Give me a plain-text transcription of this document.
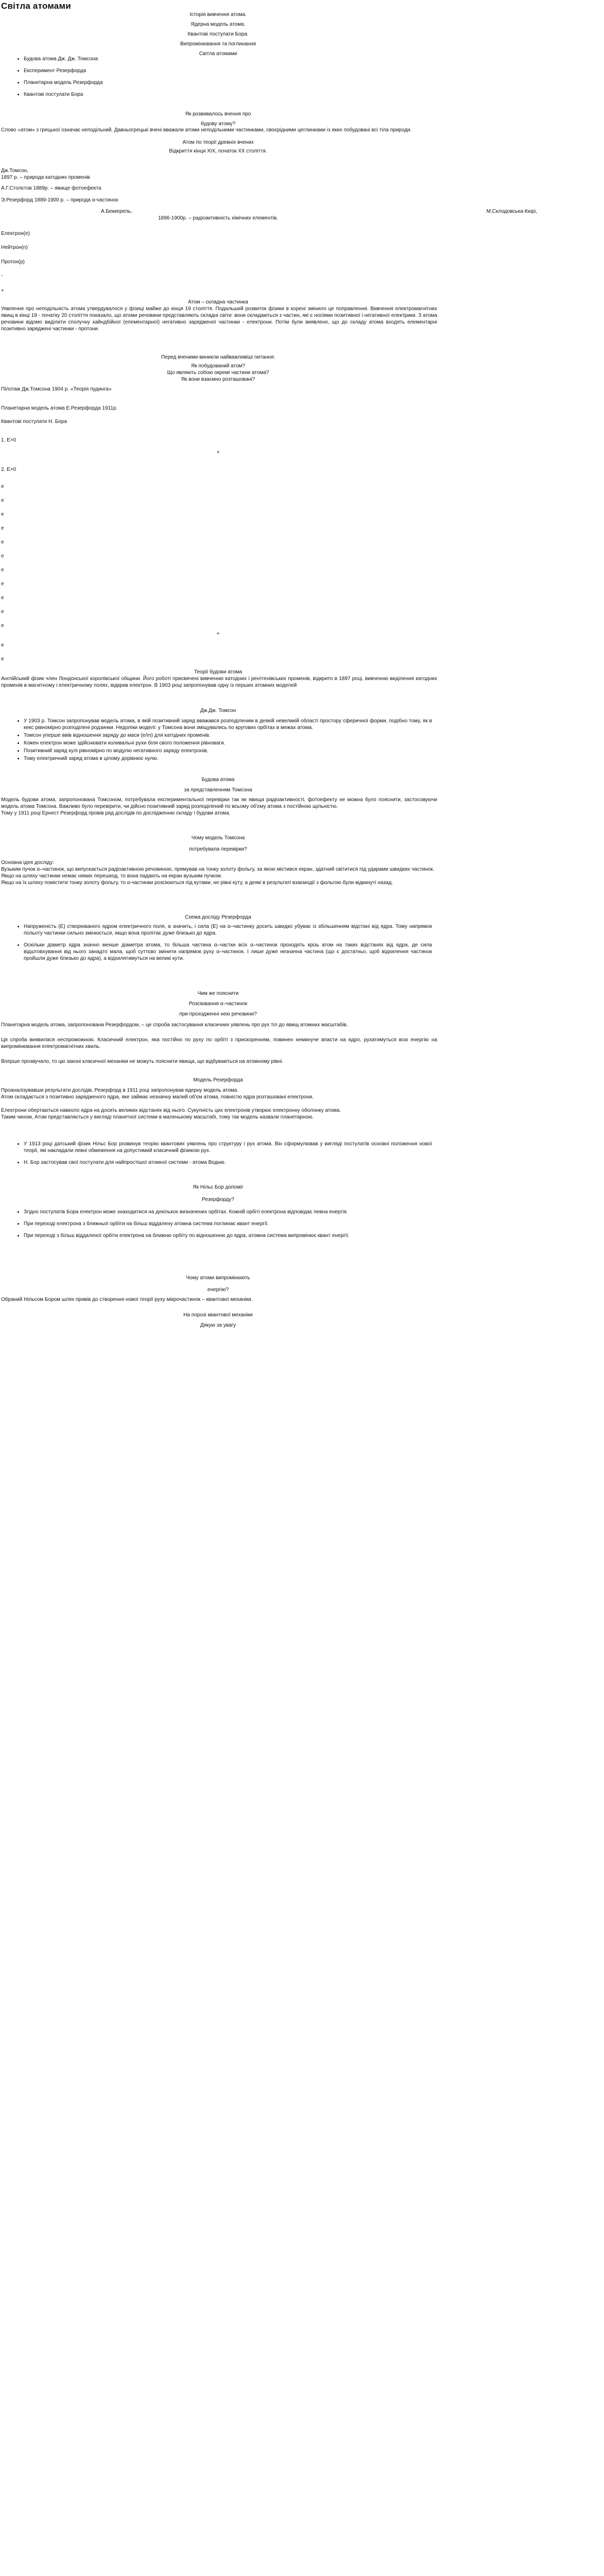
Світла атомами
Історія вивчення атома.
Ядерна модель атома.
Квантові постулати Бора.
Випромінювання та поглинання
Світла атомами
• Будова атома Дж. Дж. Томсона
• Експеримент Резерфорда
• Планетарна модель Резерфорда
• Квантові постулати Бора
Як розвивалось вчення про
будову атому?
Слово «атом» з грецької означає неподільний. Давньогрецькі вчені вважали атоми неподільними частинками, своєрідними цеглинками із яких побудовані всі тіла природи.
Атом по теорії древніх вчених
Відкриття кінця XIX, початок XX століття.
Дж.Томсон,
1897 р. – природа катодних променів
А.Г.Столєтов 1889р. – явище фотоефекта
Э.Резерфорд 1889-1900 р. – природа α-частинок
А.Беккерель,	М.Склодовська-Кюрі,
1896-1900р. – радіоактивність хімічних елементів.
Електрон(е)
Нейтрон(n)
Протон(p)
-
+
Атом – складна частинка
Уявлення про неподільність атома утвердувалося у фізиці майже до кінця 19 століття. Подальший розвиток фізики в корені змінило це поправлення. Вивчення електромагнітних явищ в кінці 19 - початку 20 століття показало, що атоми речовини представляють складні світи: вони складаються з частин, які є носіями позитивної і негативної електрики. З атома речовини відомо виділити сполучну кайндбійної (елементарної) негативно зарядженої частинки - електрони. Потім були виявлено, що до складу атома входять елементарні позитивно заряджені частинки - протони.
Перед вченими виникли найважливіші питання:
Як побудований атом?
Що являють собою окремі частини атома?
Як вони взаємно розташовані?
Пілотаж Дж.Томсона 1904 р. «Теорія пудинга»
Планетарна модель атома Е.Резерфорда 1911р.
Квантові постулати Н. Бора
1. E>0
+
2. E>0
e
e
e
e
e
e
e
e
e
e
e
+
e
e
Теорії будови атома
Англійський фізик член Лондонської королівської общини. Його роботі присвячені вивченню катодних і рентгенівських променів, відкрито в 1897 році, вивченню виділення катодних променів в магнітному і електричному полях, відкрив електрон. В 1903 році запропонував одну із перших атомних моделей
Дж.Дж. Томсон
• У 1903 р. Томсон запропонував модель атома, в якій позитивний заряд вважався розподіленим в деякій невеликій області простору сферичної форми, подібно тому, як в кекс рівномірно розподілені родзинки. Недоліки моделі: у Томсона вони зміщувались по кругових орбітах в межах атома.
• Томсон уперше ввів відношення заряду до маси (e/m) для катодних променів.
• Кожен електрон може здійснювати коливальні рухи біля свого положення рівноваги.
• Позитивний заряд кулі рівномірно по модулю негативного заряду електронів,
• Тому електричний заряд атома в цілому дорівнює нулю.
Будова атома
за представленням Томсона
Модель будови атома, запропонована Томсоном, потребувала експериментальної перевірки так як явища радіоактивності, фотоефекту не можна було пояснити, застосовуючи модель атома Томсона. Важливо було перевірити, чи дійсно позитивний заряд розподілений по всьому об'єму атома з постійною щільністю.
Тому у 1911 році Ернест Резерфорд провів ряд дослідів по дослідженню складу і будови атома.
Чому модель Томсона
потребувала перевірки?
Основна ідея досліду:
Вузьким пучок α–частинок, що випускається радіоактивною речовиною, прямував на тонку золоту фольгу, за якою містився екран, здатний світитися під ударами швидких частинок.
Якщо на шляху частинки немає ніяких перешкод, то вона падають на екран вузьким пучком.
Якщо на їх шляху помістити тонку золоту фольгу, то α-частинки розсіюються під кутами, не рівні куту, а деякі в результаті взаємодії з фольгою були відкинуті назад.
Схема досліду Резерфорда
• Напруженість (Е) створюваного ядром електричного поля, а значить, і сила (Е) на α–частинку досить швидко убуває із збільшенням відстані від ядра. Тому напрямок польоту частинки сильно змінюється, якщо вона пролітає дуже близько до ядра.
• Оскільки діаметр ядра значно менше діаметра атома, то більша частина α–частки всіх α–частинок проходять крізь атом на таких відстанях від ядра, де сила відштовхування від нього занадто мала, щоб суттєво змінити напрямок руху α–частинок. І лише дуже незначна частина (що є достатньо, щоб відхилення частинок пройшли дуже близько до ядра), а відхилятимуться на великі кути.
Чим же пояснити
Розсіювання α–частинок
при проходженні нею речовини?
Планетарна модель атома, запропонована Резерфордом, – це спроба застосування класичних уявлень про рух тіл до явищ атомних масштабів.
Ця спроба виявилася неспроможною. Класичний електрон, яка постійно по руху по орбіті з прискоренням, повинен неминуче впасти на ядро, рухатимуться всю енергію на випромінювання електромагнітних хвиль.
Вперше прозвучало, то цю законі класичної механіки не можуть пояснити явища, що відбуваються на атомному рівні.
Модель Резерфорда
Проаналізувавши результати дослідів, Резерфорд в 1911 році запропонував ядерну модель атома.
Атом складається з позитивно зарядженого ядра, яке займає незначну малий об'єм атома, повністю ядра розташовані електрони.

Електрони обертаються навколо ядра на досить великих відстанях від нього. Сукупність цих електронів утворює електронну оболонку атома.
Таким чином, Атом представляється у вигляді планетної системи в маленькому масштабі, тому так модель назвали планетарною.
• У 1913 році датський фізик Нільс Бор розвинув теорію квантових уявлень про структуру і рух атома. Він сформулював у вигляді постулатів основні положення нової теорії, які накладали певні обмеження на допустимий класичний фізикою рух.
• Н. Бор застосував свої постулати для найпростішої атомної системи - атома Водню.
Як Нільс Бор допоміг
Резерфорду?
• Згідно постулатів Бора електрон може знаходитися на декількох визначених орбітах. Кожній орбіті електрона відповідає певна енергія.
• При переході електрона з ближньої орбіти на більш віддалену атомна система поглинає квант енергії.
• При переході з більш віддаленої орбіти електрона на ближню орбіту по відношенню до ядра, атомна система випромінює квант енергії.
Чому атоми випромінюють
енергію?
Обраний Нільсом Бором шлях привів до створення нової теорії руху мікрочастинок – квантової механіки.
На порозі квантової механіки
Дякую за увагу
